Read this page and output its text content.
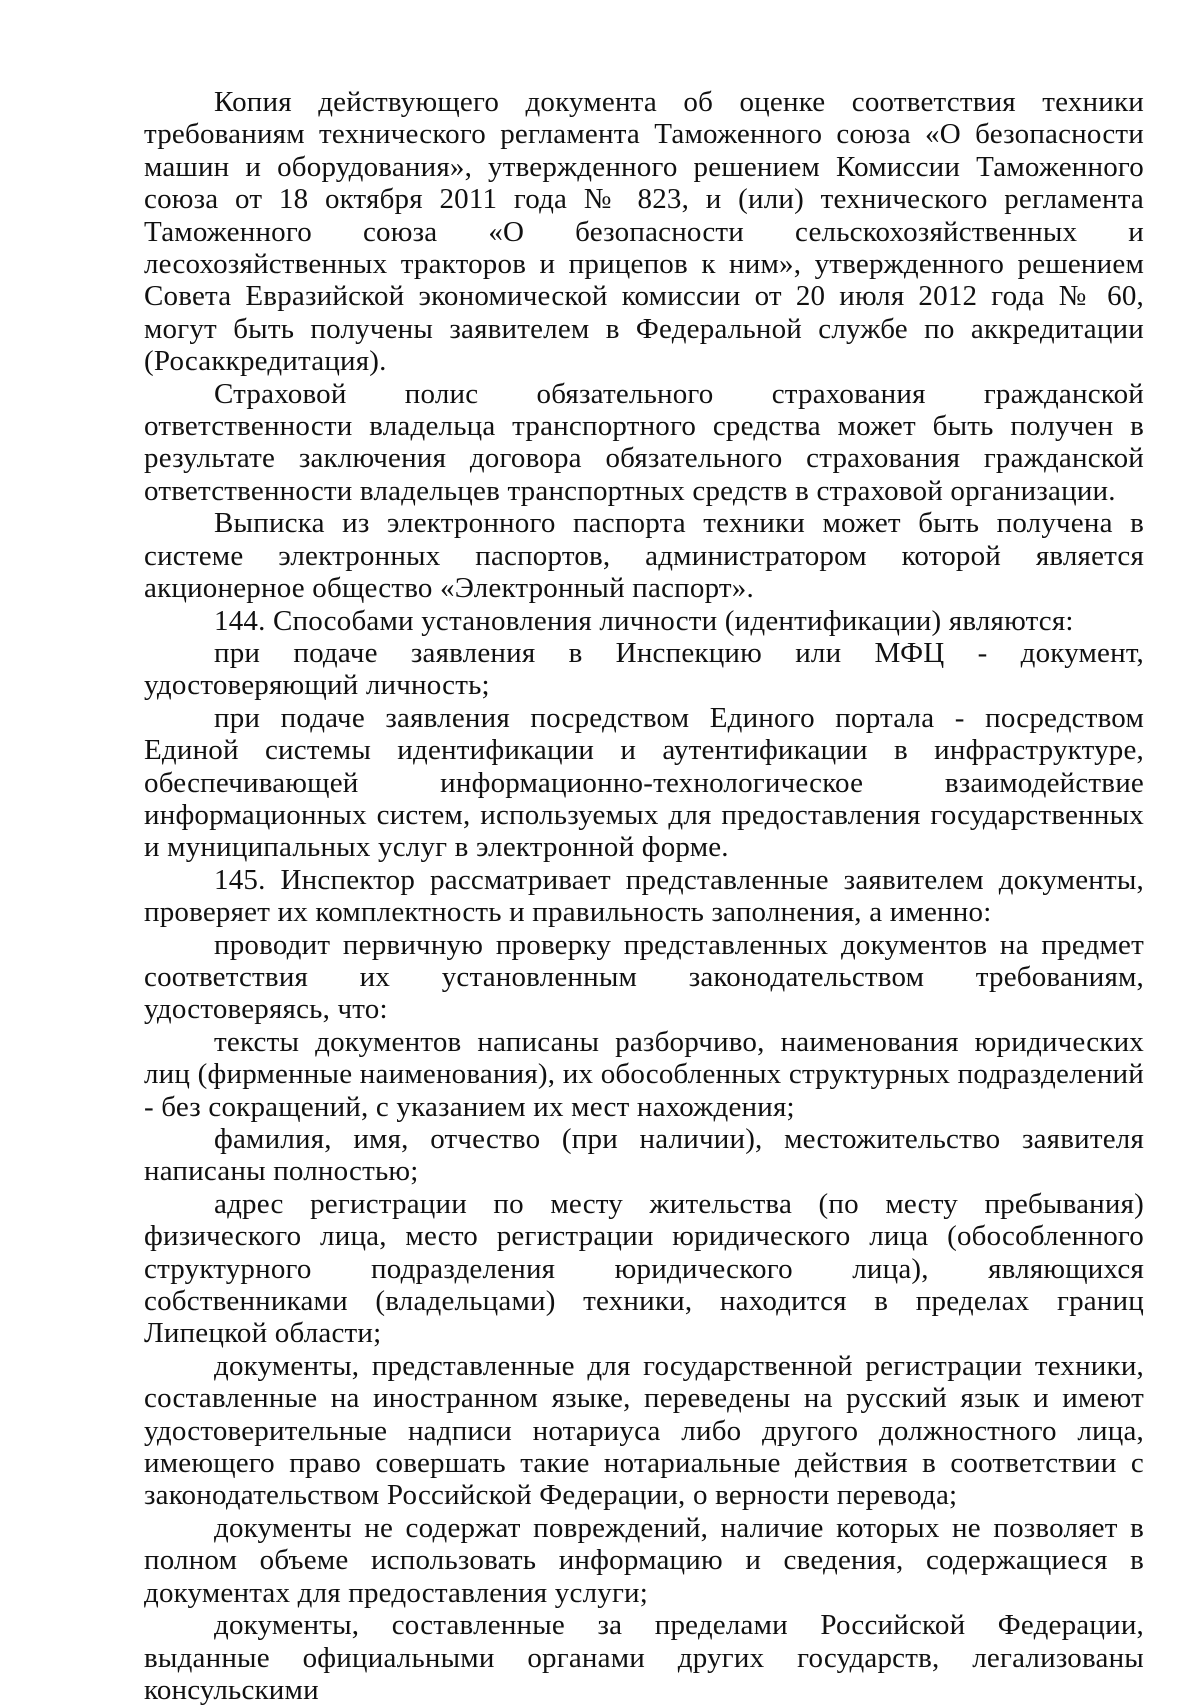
Копия действующего документа об оценке соответствия техники требованиям технического регламента Таможенного союза «О безопасности машин и оборудования», утвержденного решением Комиссии Таможенного союза от 18 октября 2011 года № 823, и (или) технического регламента Таможенного союза «О безопасности сельскохозяйственных и лесохозяйственных тракторов и прицепов к ним», утвержденного решением Совета Евразийской экономической комиссии от 20 июля 2012 года № 60, могут быть получены заявителем в Федеральной службе по аккредитации (Росаккредитация).

Страховой полис обязательного страхования гражданской ответственности владельца транспортного средства может быть получен в результате заключения договора обязательного страхования гражданской ответственности владельцев транспортных средств в страховой организации.

Выписка из электронного паспорта техники может быть получена в системе электронных паспортов, администратором которой является акционерное общество «Электронный паспорт».

144. Способами установления личности (идентификации) являются:

при подаче заявления в Инспекцию или МФЦ - документ, удостоверяющий личность;

при подаче заявления посредством Единого портала - посредством Единой системы идентификации и аутентификации в инфраструктуре, обеспечивающей информационно-технологическое взаимодействие информационных систем, используемых для предоставления государственных и муниципальных услуг в электронной форме.

145. Инспектор рассматривает представленные заявителем документы, проверяет их комплектность и правильность заполнения, а именно:

проводит первичную проверку представленных документов на предмет соответствия их установленным законодательством требованиям, удостоверяясь, что:

тексты документов написаны разборчиво, наименования юридических лиц (фирменные наименования), их обособленных структурных подразделений - без сокращений, с указанием их мест нахождения;

фамилия, имя, отчество (при наличии), местожительство заявителя написаны полностью;

адрес регистрации по месту жительства (по месту пребывания) физического лица, место регистрации юридического лица (обособленного структурного подразделения юридического лица), являющихся собственниками (владельцами) техники, находится в пределах границ Липецкой области;

документы, представленные для государственной регистрации техники, составленные на иностранном языке, переведены на русский язык и имеют удостоверительные надписи нотариуса либо другого должностного лица, имеющего право совершать такие нотариальные действия в соответствии с законодательством Российской Федерации, о верности перевода;

документы не содержат повреждений, наличие которых не позволяет в полном объеме использовать информацию и сведения, содержащиеся в документах для предоставления услуги;

документы, составленные за пределами Российской Федерации, выданные официальными органами других государств, легализованы консульскими
